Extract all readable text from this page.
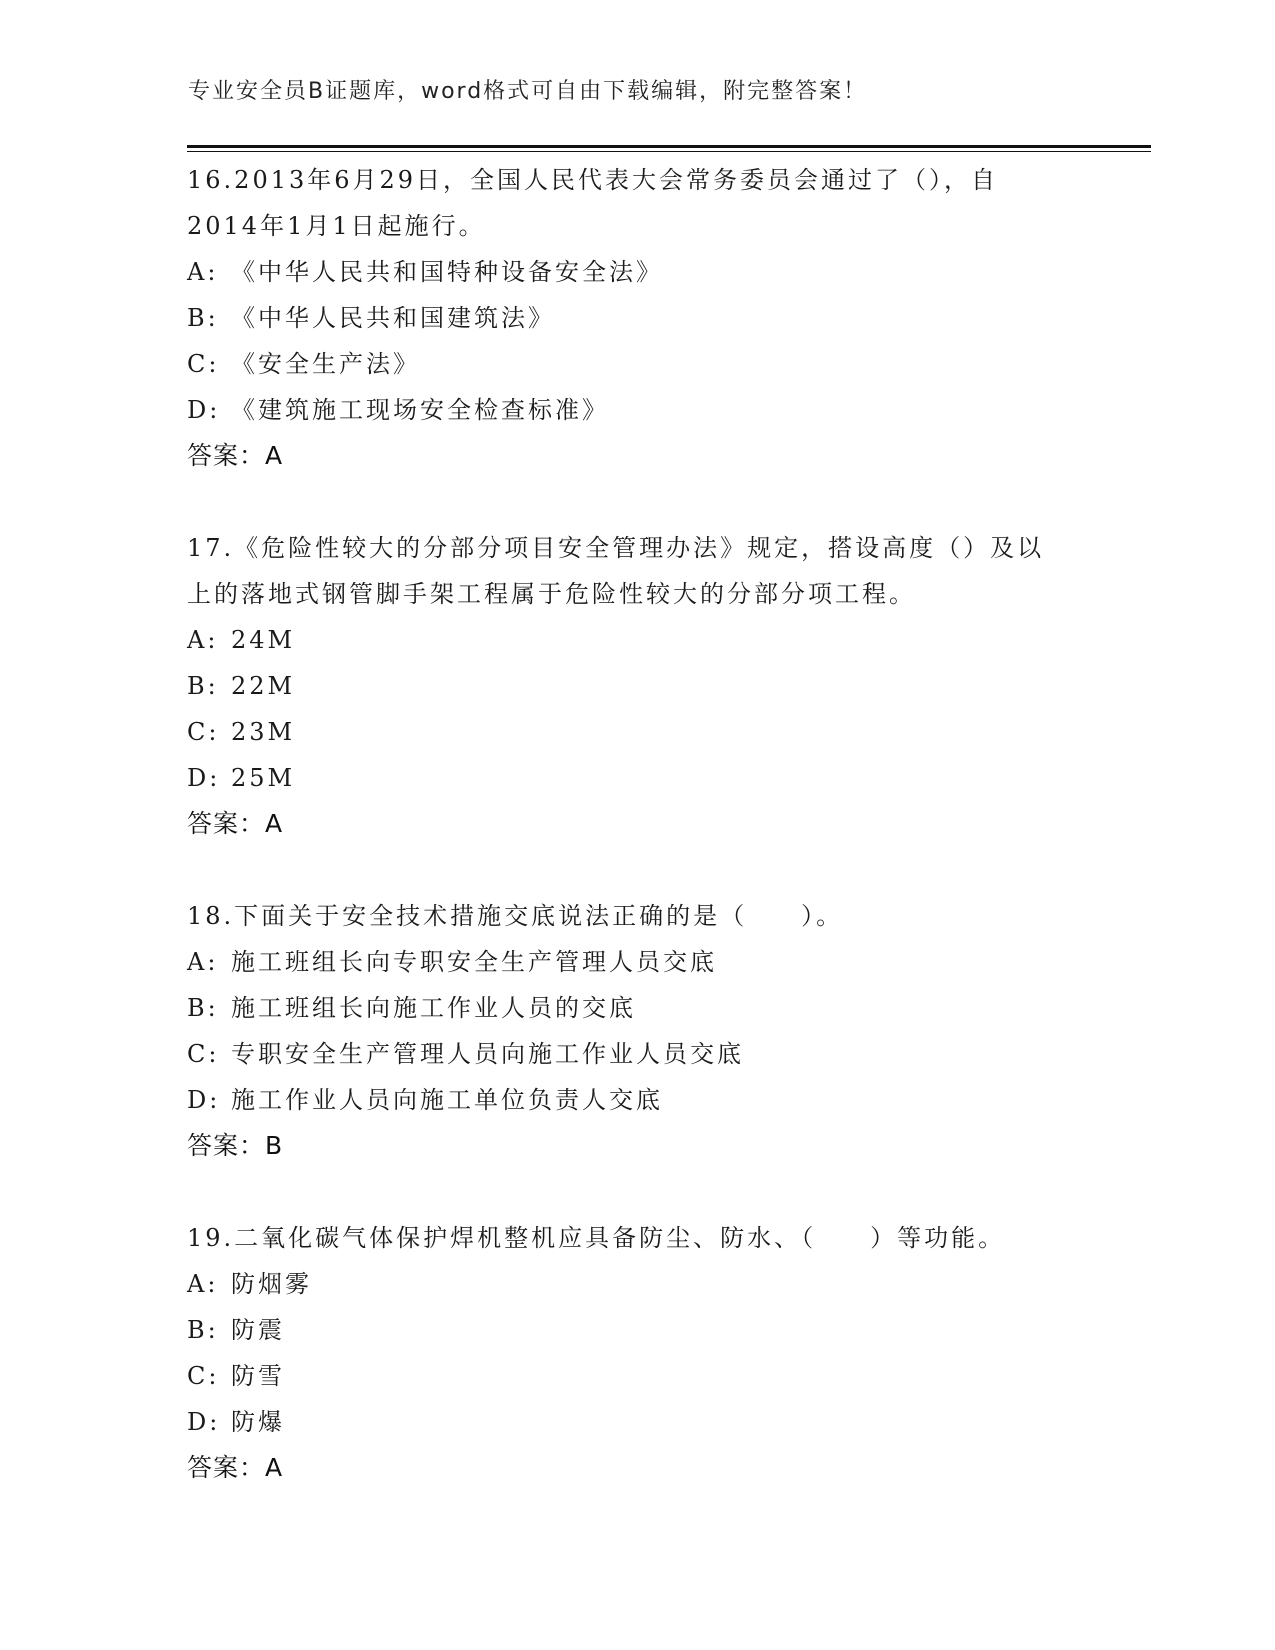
专业安全员B证题库，word格式可自由下载编辑，附完整答案！
16.2013年6月29日，全国人民代表大会常务委员会通过了（），自2014年1月1日起施行。
A: 《中华人民共和国特种设备安全法》
B: 《中华人民共和国建筑法》
C: 《安全生产法》
D: 《建筑施工现场安全检查标准》
答案：A
17.《危险性较大的分部分项目安全管理办法》规定，搭设高度（）及以上的落地式钢管脚手架工程属于危险性较大的分部分项工程。
A: 24M
B: 22M
C: 23M
D: 25M
答案：A
18.下面关于安全技术措施交底说法正确的是（　　）。
A: 施工班组长向专职安全生产管理人员交底
B: 施工班组长向施工作业人员的交底
C: 专职安全生产管理人员向施工作业人员交底
D: 施工作业人员向施工单位负责人交底
答案：B
19.二氧化碳气体保护焊机整机应具备防尘、防水、（　　）等功能。
A: 防烟雾
B: 防震
C: 防雪
D: 防爆
答案：A
